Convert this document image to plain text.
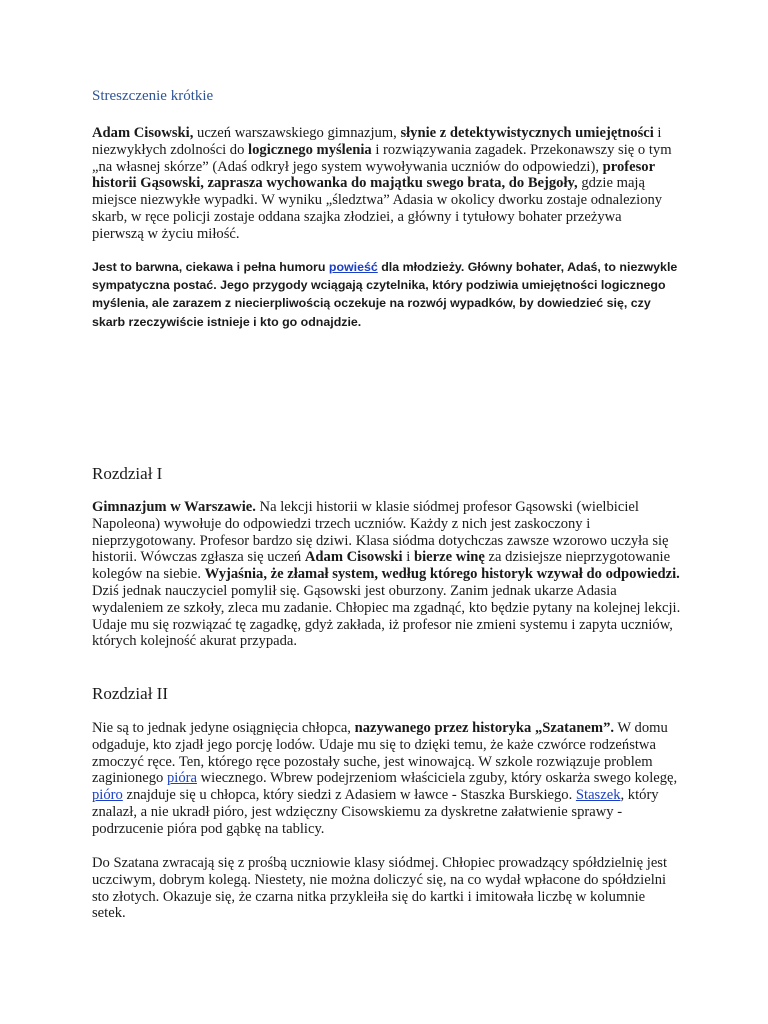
Streszczenie krótkie

Adam Cisowski, uczeń warszawskiego gimnazjum, słynie z detektywistycznych umiejętności i niezwykłych zdolności do logicznego myślenia i rozwiązywania zagadek. Przekonawszy się o tym „na własnej skórze” (Adaś odkrył jego system wywoływania uczniów do odpowiedzi), profesor historii Gąsowski, zaprasza wychowanka do majątku swego brata, do Bejgoły, gdzie mają miejsce niezwykłe wypadki. W wyniku „śledztwa” Adasia w okolicy dworku zostaje odnaleziony skarb, w ręce policji zostaje oddana szajka złodziei, a główny i tytułowy bohater przeżywa pierwszą w życiu miłość.

Jest to barwna, ciekawa i pełna humoru powieść dla młodzieży. Główny bohater, Adaś, to niezwykle sympatyczna postać. Jego przygody wciągają czytelnika, który podziwia umiejętności logicznego myślenia, ale zarazem z niecierpliwością oczekuje na rozwój wypadków, by dowiedzieć się, czy skarb rzeczywiście istnieje i kto go odnajdzie.

Rozdział I

Gimnazjum w Warszawie. Na lekcji historii w klasie siódmej profesor Gąsowski (wielbiciel Napoleona) wywołuje do odpowiedzi trzech uczniów. Każdy z nich jest zaskoczony i nieprzygotowany. Profesor bardzo się dziwi. Klasa siódma dotychczas zawsze wzorowo uczyła się historii. Wówczas zgłasza się uczeń Adam Cisowski i bierze winę za dzisiejsze nieprzygotowanie kolegów na siebie. Wyjaśnia, że złamał system, według którego historyk wzywał do odpowiedzi. Dziś jednak nauczyciel pomylił się. Gąsowski jest oburzony. Zanim jednak ukarze Adasia wydaleniem ze szkoły, zleca mu zadanie. Chłopiec ma zgadnąć, kto będzie pytany na kolejnej lekcji. Udaje mu się rozwiązać tę zagadkę, gdyż zakłada, iż profesor nie zmieni systemu i zapyta uczniów, których kolejność akurat przypada.

Rozdział II

Nie są to jednak jedyne osiągnięcia chłopca, nazywanego przez historyka „Szatanem”. W domu odgaduje, kto zjadł jego porcję lodów. Udaje mu się to dzięki temu, że każe czwórce rodzeństwa zmoczyć ręce. Ten, którego ręce pozostały suche, jest winowajcą. W szkole rozwiązuje problem zaginionego pióra wiecznego. Wbrew podejrzeniom właściciela zguby, który oskarża swego kolegę, pióro znajduje się u chłopca, który siedzi z Adasiem w ławce - Staszka Burskiego. Staszek, który znalazł, a nie ukradł pióro, jest wdzięczny Cisowskiemu za dyskretne załatwienie sprawy - podrzucenie pióra pod gąbkę na tablicy.

Do Szatana zwracają się z prośbą uczniowie klasy siódmej. Chłopiec prowadzący spółdzielnię jest uczciwym, dobrym kolegą. Niestety, nie można doliczyć się, na co wydał wpłacone do spółdzielni sto złotych. Okazuje się, że czarna nitka przykleiła się do kartki i imitowała liczbę w kolumnie setek.
